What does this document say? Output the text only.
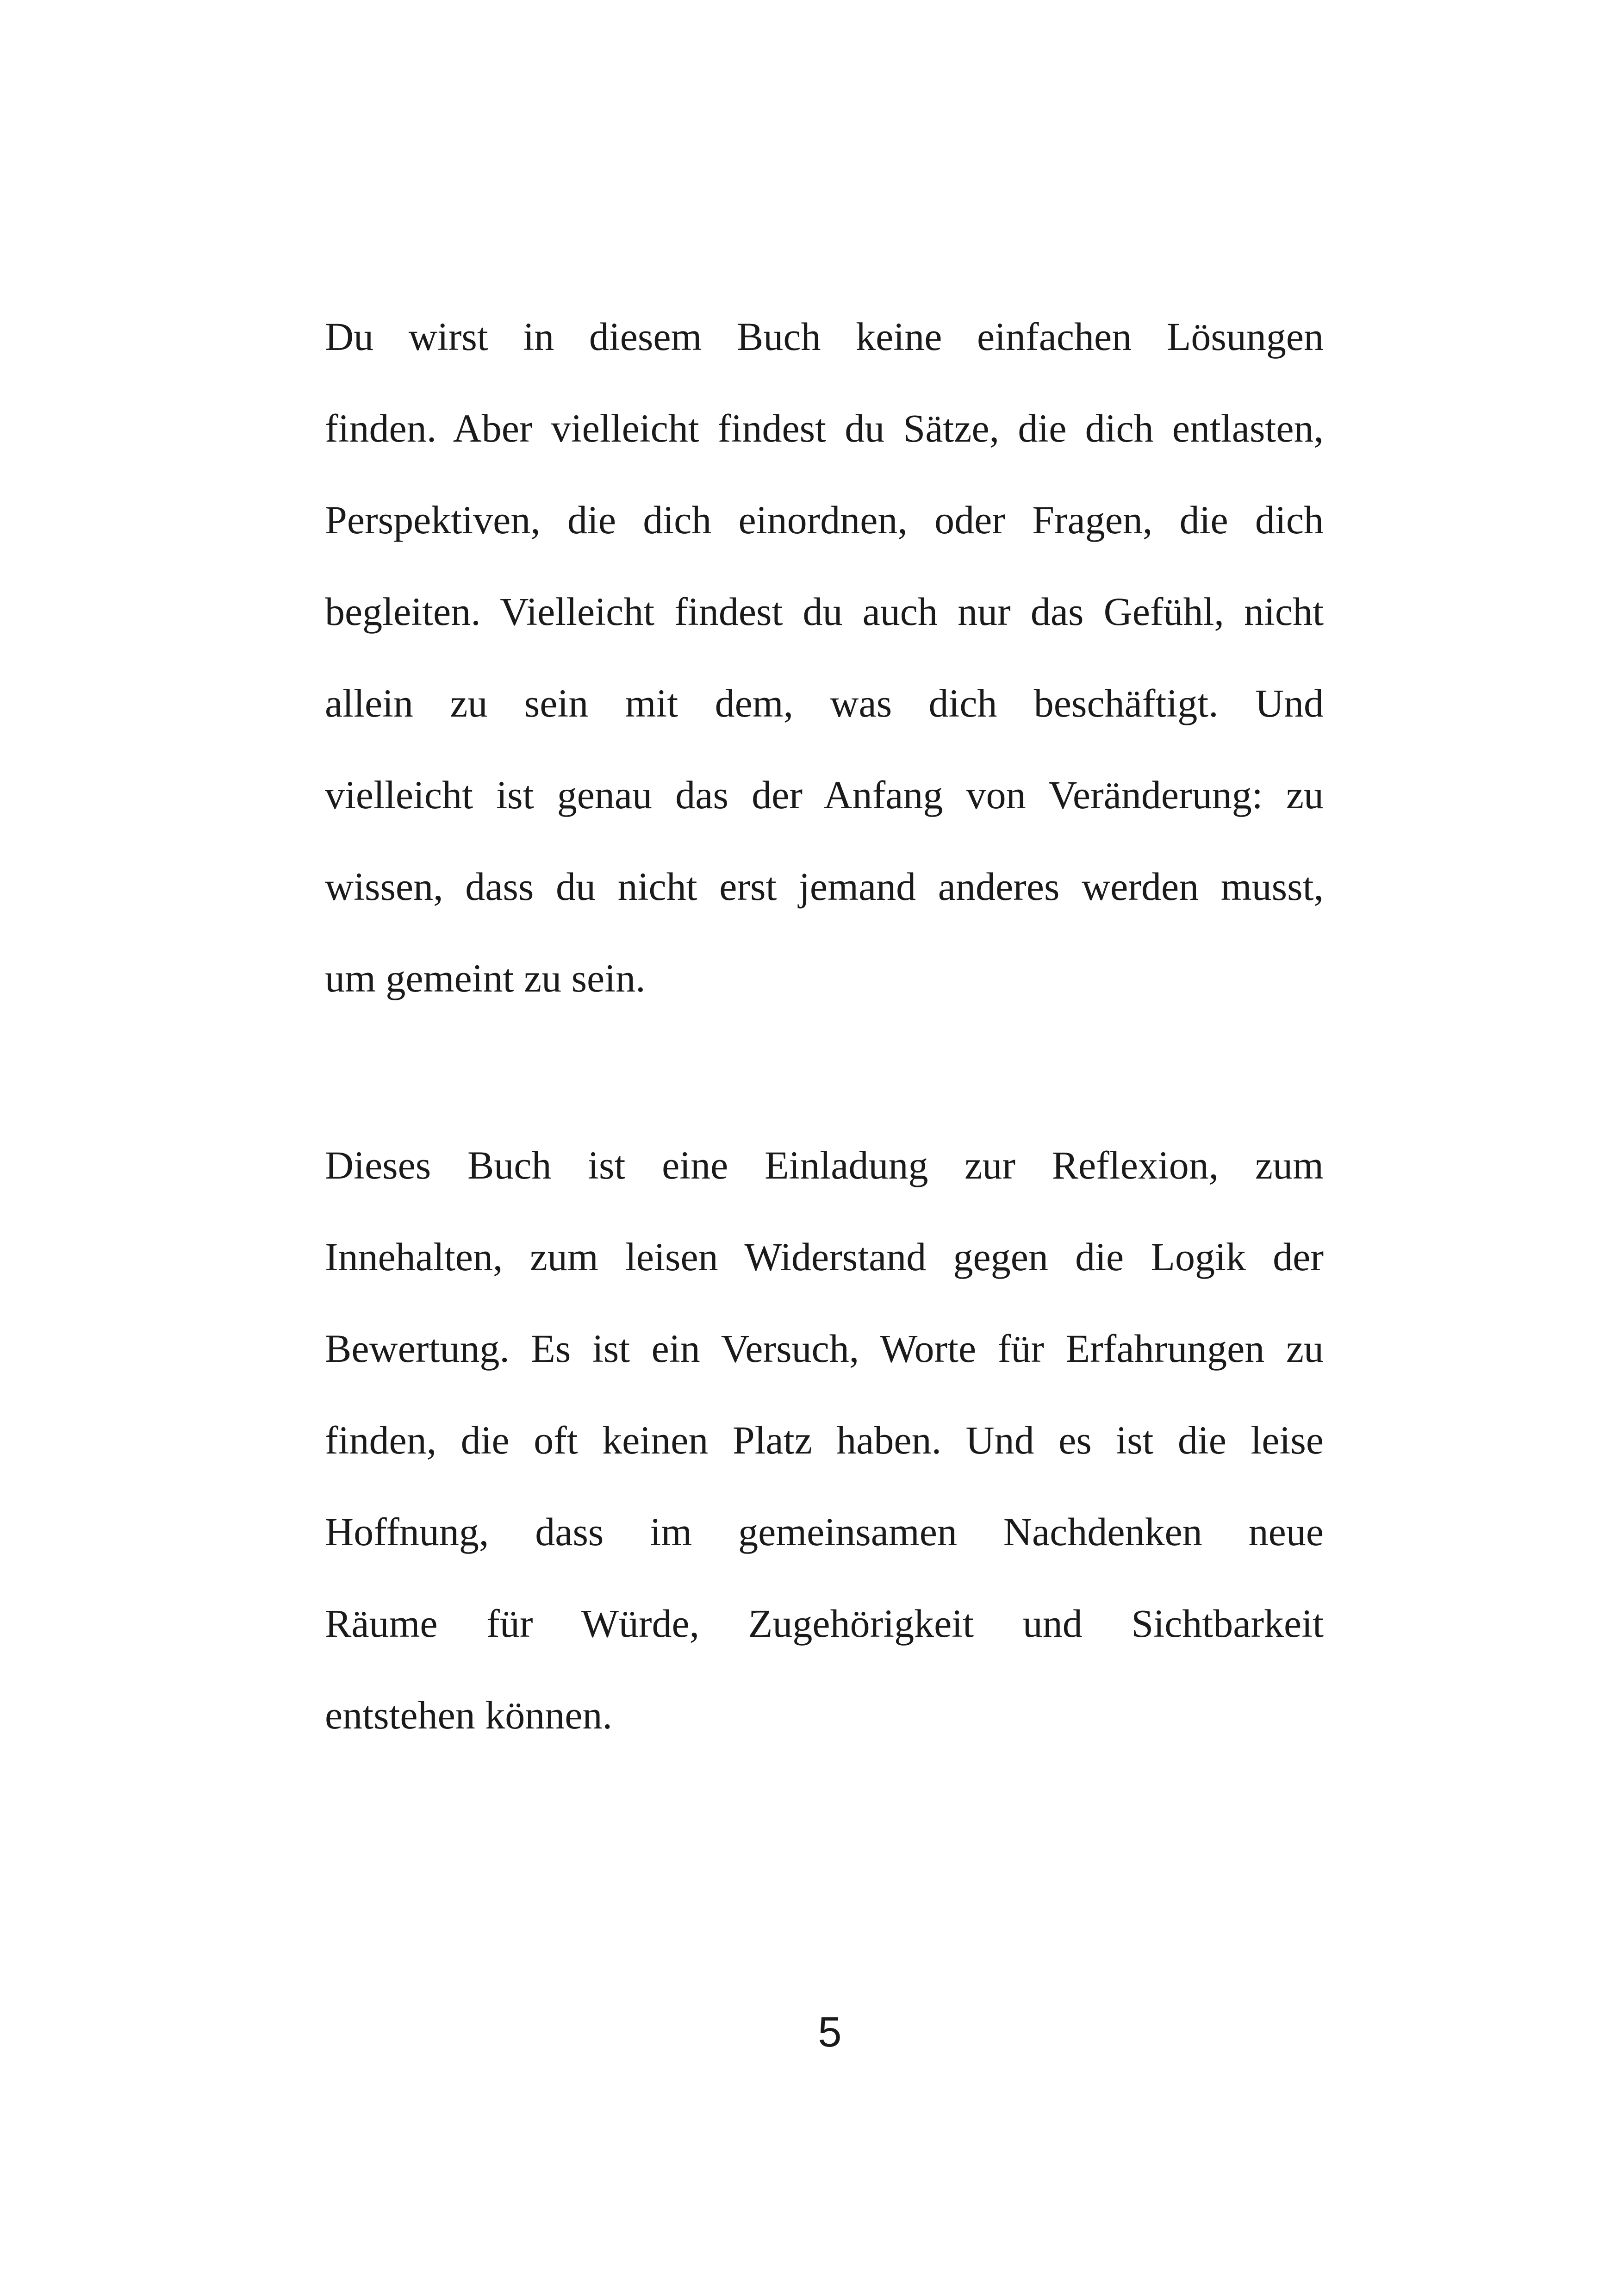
Du wirst in diesem Buch keine einfachen Lösungen
finden. Aber vielleicht findest du Sätze, die dich entlasten,
Perspektiven, die dich einordnen, oder Fragen, die dich
begleiten. Vielleicht findest du auch nur das Gefühl, nicht
allein zu sein mit dem, was dich beschäftigt. Und
vielleicht ist genau das der Anfang von Veränderung: zu
wissen, dass du nicht erst jemand anderes werden musst,
um gemeint zu sein.
Dieses Buch ist eine Einladung zur Reflexion, zum
Innehalten, zum leisen Widerstand gegen die Logik der
Bewertung. Es ist ein Versuch, Worte für Erfahrungen zu
finden, die oft keinen Platz haben. Und es ist die leise
Hoffnung, dass im gemeinsamen Nachdenken neue
Räume für Würde, Zugehörigkeit und Sichtbarkeit
entstehen können.
5
